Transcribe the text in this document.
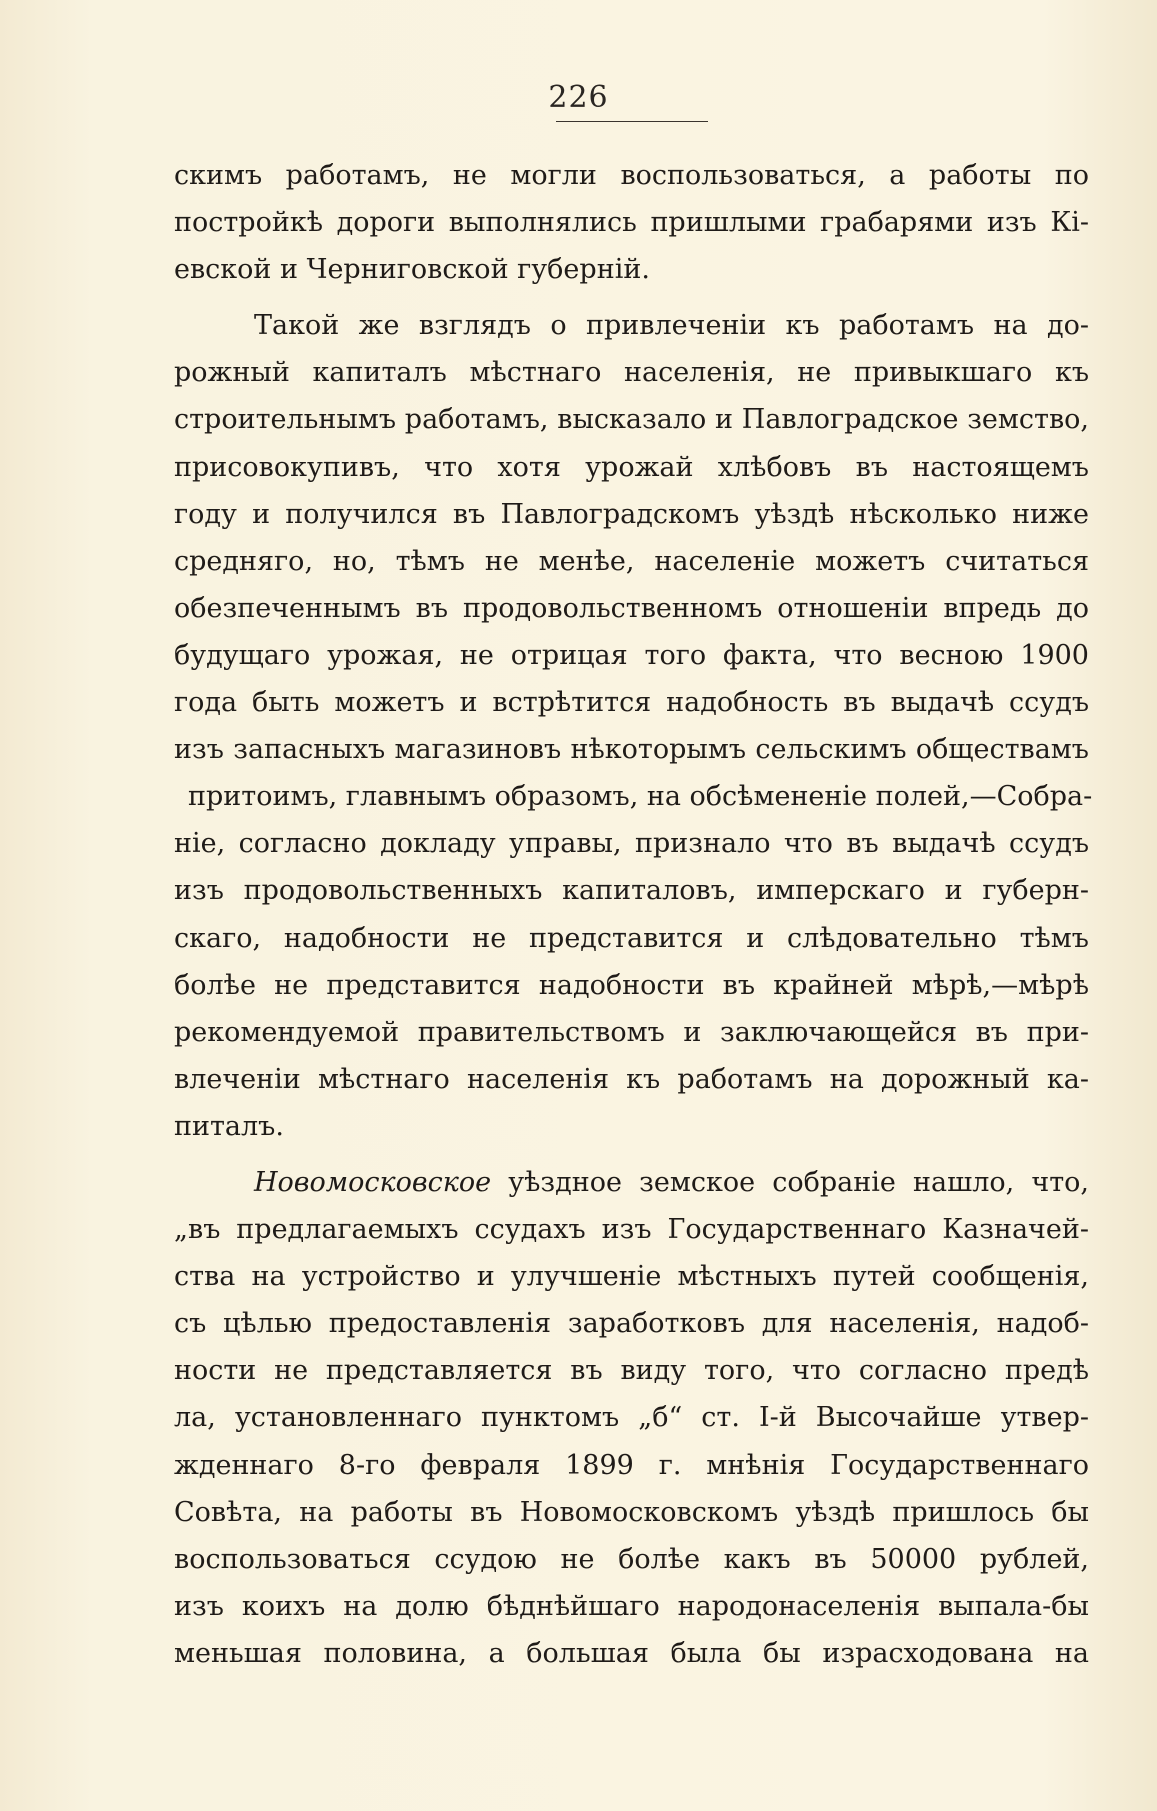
226
скимъ работамъ, не могли воспользоваться, а работы по
постройкѣ дороги выполнялись пришлыми грабарями изъ Кі-
евской и Черниговской губерній.
Такой же взглядъ о привлеченіи къ работамъ на до-
рожный капиталъ мѣстнаго населенія, не привыкшаго къ
строительнымъ работамъ, высказало и Павлоградское земство,
присовокупивъ, что хотя урожай хлѣбовъ въ настоящемъ
году и получился въ Павлоградскомъ уѣздѣ нѣсколько ниже
средняго, но, тѣмъ не менѣе, населеніе можетъ считаться
обезпеченнымъ въ продовольственномъ отношеніи впредь до
будущаго урожая, не отрицая того факта, что весною 1900
года быть можетъ и встрѣтится надобность въ выдачѣ ссудъ
изъ запасныхъ магазиновъ нѣкоторымъ сельскимъ обществамъ
притоимъ, главнымъ образомъ, на обсѣмененіе полей,—Собра-
ніе, согласно докладу управы, признало что въ выдачѣ ссудъ
изъ продовольственныхъ капиталовъ, имперскаго и губерн-
скаго, надобности не представится и слѣдовательно тѣмъ
болѣе не представится надобности въ крайней мѣрѣ,—мѣрѣ
рекомендуемой правительствомъ и заключающейся въ при-
влеченіи мѣстнаго населенія къ работамъ на дорожный ка-
питалъ.
Новомосковское уѣздное земское собраніе нашло, что,
„въ предлагаемыхъ ссудахъ изъ Государственнаго Казначей-
ства на устройство и улучшеніе мѣстныхъ путей сообщенія,
съ цѣлью предоставленія заработковъ для населенія, надоб-
ности не представляется въ виду того, что согласно предѣ
ла, установленнаго пунктомъ „б“ ст. І-й Высочайше утвер-
жденнаго 8-го февраля 1899 г. мнѣнія Государственнаго
Совѣта, на работы въ Новомосковскомъ уѣздѣ пришлось бы
воспользоваться ссудою не болѣе какъ въ 50000 рублей,
изъ коихъ на долю бѣднѣйшаго народонаселенія выпала-бы
меньшая половина, а большая была бы израсходована на
